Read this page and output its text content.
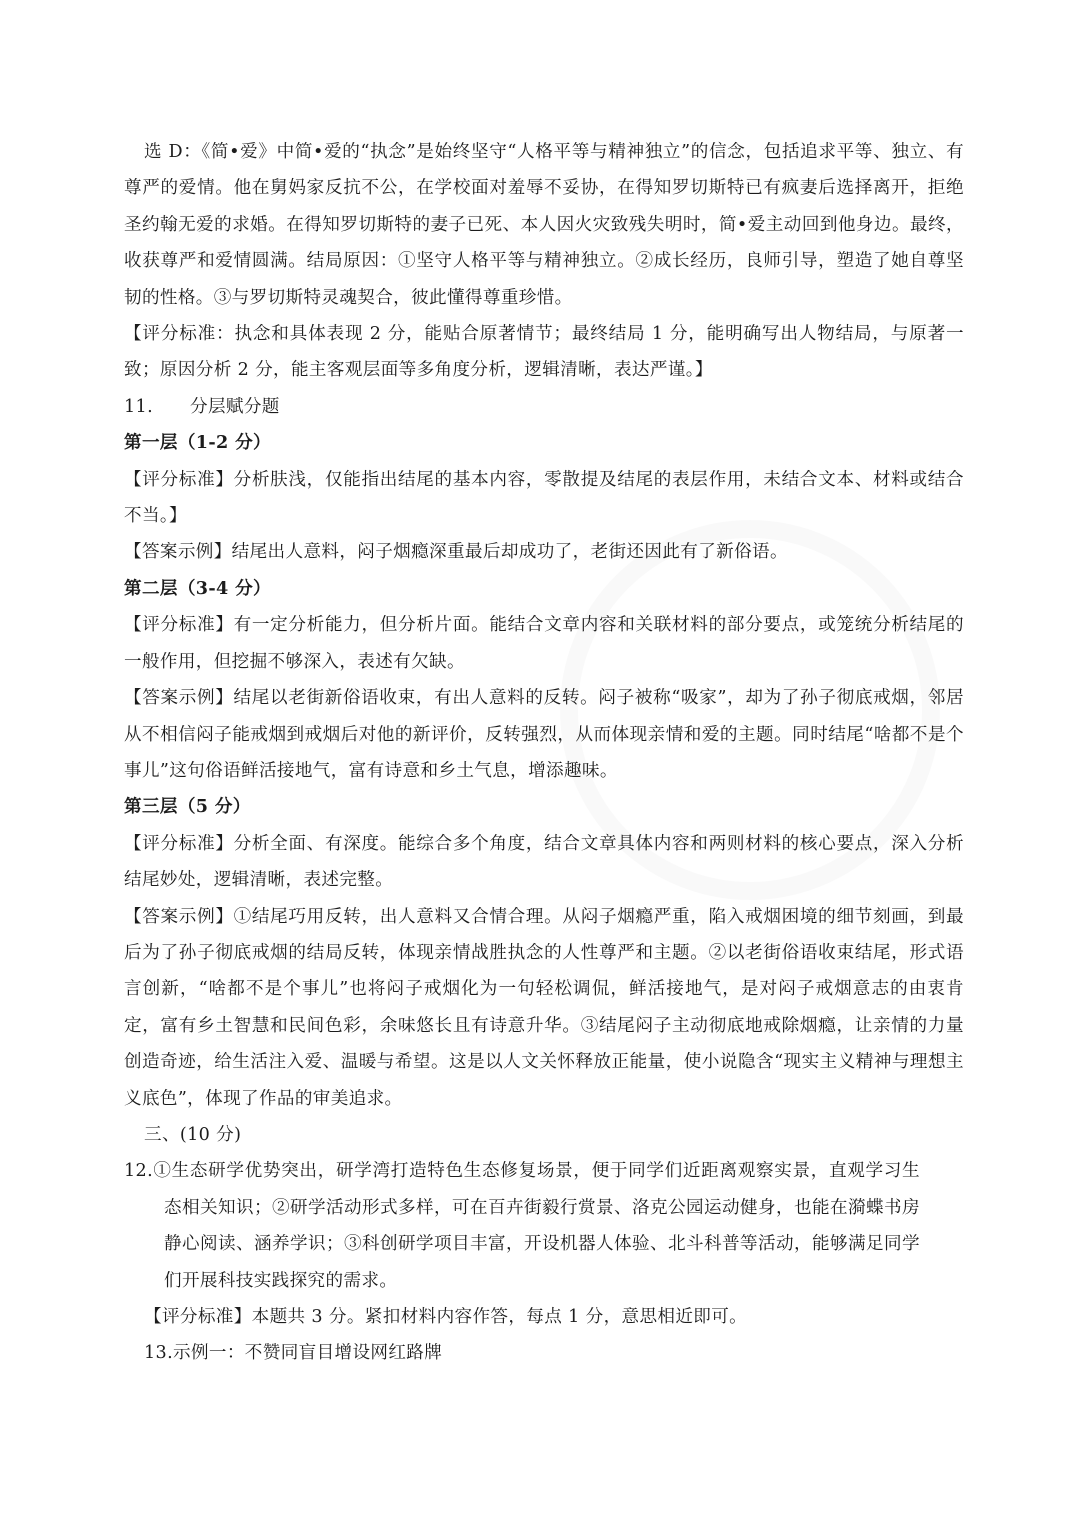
选 D：《简•爱》中简•爱的“执念”是始终坚守“人格平等与精神独立”的信念，包括追求平等、独立、有尊严的爱情。他在舅妈家反抗不公，在学校面对羞辱不妥协，在得知罗切斯特已有疯妻后选择离开，拒绝圣约翰无爱的求婚。在得知罗切斯特的妻子已死、本人因火灾致残失明时，简•爱主动回到他身边。最终，收获尊严和爱情圆满。结局原因：①坚守人格平等与精神独立。②成长经历，良师引导，塑造了她自尊坚韧的性格。③与罗切斯特灵魂契合，彼此懂得尊重珍惜。

【评分标准：执念和具体表现 2 分，能贴合原著情节；最终结局 1 分，能明确写出人物结局，与原著一致；原因分析 2 分，能主客观层面等多角度分析，逻辑清晰，表达严谨。】

11.	分层赋分题

第一层（1-2 分）

【评分标准】分析肤浅，仅能指出结尾的基本内容，零散提及结尾的表层作用，未结合文本、材料或结合不当。】

【答案示例】结尾出人意料，闷子烟瘾深重最后却成功了，老街还因此有了新俗语。

第二层（3-4 分）

【评分标准】有一定分析能力，但分析片面。能结合文章内容和关联材料的部分要点，或笼统分析结尾的一般作用，但挖掘不够深入，表述有欠缺。

【答案示例】结尾以老街新俗语收束，有出人意料的反转。闷子被称“吸家”，却为了孙子彻底戒烟，邻居从不相信闷子能戒烟到戒烟后对他的新评价，反转强烈，从而体现亲情和爱的主题。同时结尾“啥都不是个事儿”这句俗语鲜活接地气，富有诗意和乡土气息，增添趣味。

第三层（5 分）

【评分标准】分析全面、有深度。能综合多个角度，结合文章具体内容和两则材料的核心要点，深入分析结尾妙处，逻辑清晰，表述完整。

【答案示例】①结尾巧用反转，出人意料又合情合理。从闷子烟瘾严重，陷入戒烟困境的细节刻画，到最后为了孙子彻底戒烟的结局反转，体现亲情战胜执念的人性尊严和主题。②以老街俗语收束结尾，形式语言创新，“啥都不是个事儿”也将闷子戒烟化为一句轻松调侃，鲜活接地气，是对闷子戒烟意志的由衷肯定，富有乡土智慧和民间色彩，余味悠长且有诗意升华。③结尾闷子主动彻底地戒除烟瘾，让亲情的力量创造奇迹，给生活注入爱、温暖与希望。这是以人文关怀释放正能量，使小说隐含“现实主义精神与理想主义底色”，体现了作品的审美追求。

三、(10 分)

12.①生态研学优势突出，研学湾打造特色生态修复场景，便于同学们近距离观察实景，直观学习生态相关知识；②研学活动形式多样，可在百卉街毅行赏景、洛克公园运动健身，也能在漪蝶书房静心阅读、涵养学识；③科创研学项目丰富，开设机器人体验、北斗科普等活动，能够满足同学们开展科技实践探究的需求。

【评分标准】本题共 3 分。紧扣材料内容作答，每点 1 分，意思相近即可。

13.示例一：不赞同盲目增设网红路牌
